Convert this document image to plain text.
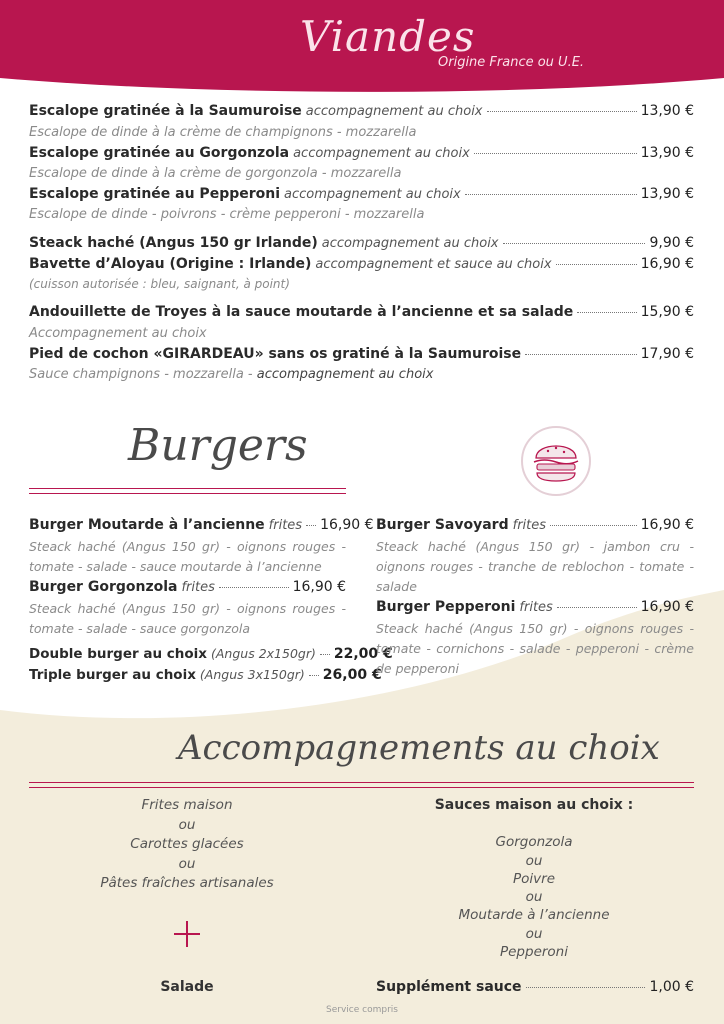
Viandes
Origine France ou U.E.
Escalope gratinée à la Saumuroise accompagnement au choix	13,90 €
Escalope de dinde à la crème de champignons - mozzarella
Escalope gratinée au Gorgonzola accompagnement au choix	13,90 €
Escalope de dinde à la crème de gorgonzola - mozzarella
Escalope gratinée au Pepperoni accompagnement au choix	13,90 €
Escalope de dinde - poivrons - crème pepperoni - mozzarella
Steack haché (Angus 150 gr Irlande) accompagnement au choix	9,90 €
Bavette d’Aloyau (Origine : Irlande) accompagnement et sauce au choix	16,90 €
(cuisson autorisée : bleu, saignant, à point)
Andouillette de Troyes à la sauce moutarde à l’ancienne et sa salade	15,90 €
Accompagnement au choix
Pied de cochon «GIRARDEAU» sans os gratiné à la Saumuroise	17,90 €
Sauce champignons - mozzarella - accompagnement au choix
Burgers
Burger Moutarde à l’ancienne frites 16,90 €
Steack haché (Angus 150 gr) - oignons rouges - tomate - salade - sauce moutarde à l’ancienne
Burger Gorgonzola frites	16,90 €
Steack haché (Angus 150 gr) - oignons rouges - tomate - salade - sauce gorgonzola
Double burger au choix (Angus 2x150gr) 22,00 €
Triple burger au choix (Angus 3x150gr) 26,00 €
Burger Savoyard frites	16,90 €
Steack haché (Angus 150 gr) - jambon cru - oignons rouges - tranche de reblochon - tomate - salade
Burger Pepperoni frites	16,90 €
Steack haché (Angus 150 gr) - oignons rouges - tomate - cornichons - salade - pepperoni - crème de pepperoni
Accompagnements au choix
Frites maison
ou
Carottes glacées
ou
Pâtes fraîches artisanales
Salade
Sauces maison au choix :
Gorgonzola
ou
Poivre
ou
Moutarde à l’ancienne
ou
Pepperoni
Supplément sauce	1,00 €
Service compris
